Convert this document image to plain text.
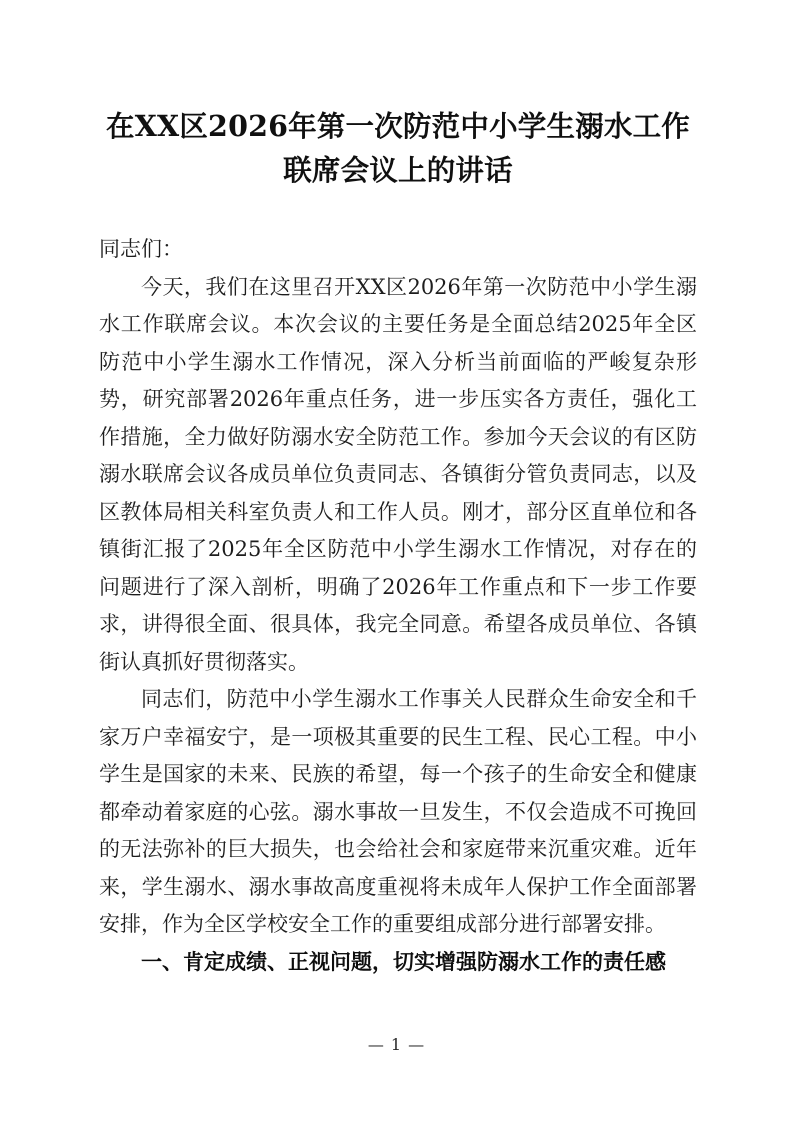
在XX区2026年第一次防范中小学生溺水工作联席会议上的讲话

同志们：

今天，我们在这里召开XX区2026年第一次防范中小学生溺水工作联席会议。本次会议的主要任务是全面总结2025年全区防范中小学生溺水工作情况，深入分析当前面临的严峻复杂形势，研究部署2026年重点任务，进一步压实各方责任，强化工作措施，全力做好防溺水安全防范工作。参加今天会议的有区防溺水联席会议各成员单位负责同志、各镇街分管负责同志，以及区教体局相关科室负责人和工作人员。刚才，部分区直单位和各镇街汇报了2025年全区防范中小学生溺水工作情况，对存在的问题进行了深入剖析，明确了2026年工作重点和下一步工作要求，讲得很全面、很具体，我完全同意。希望各成员单位、各镇街认真抓好贯彻落实。

同志们，防范中小学生溺水工作事关人民群众生命安全和千家万户幸福安宁，是一项极其重要的民生工程、民心工程。中小学生是国家的未来、民族的希望，每一个孩子的生命安全和健康都牵动着家庭的心弦。溺水事故一旦发生，不仅会造成不可挽回的无法弥补的巨大损失，也会给社会和家庭带来沉重灾难。近年来，学生溺水、溺水事故高度重视将未成年人保护工作全面部署安排，作为全区学校安全工作的重要组成部分进行部署安排。

一、肯定成绩、正视问题，切实增强防溺水工作的责任感
— 1 —
